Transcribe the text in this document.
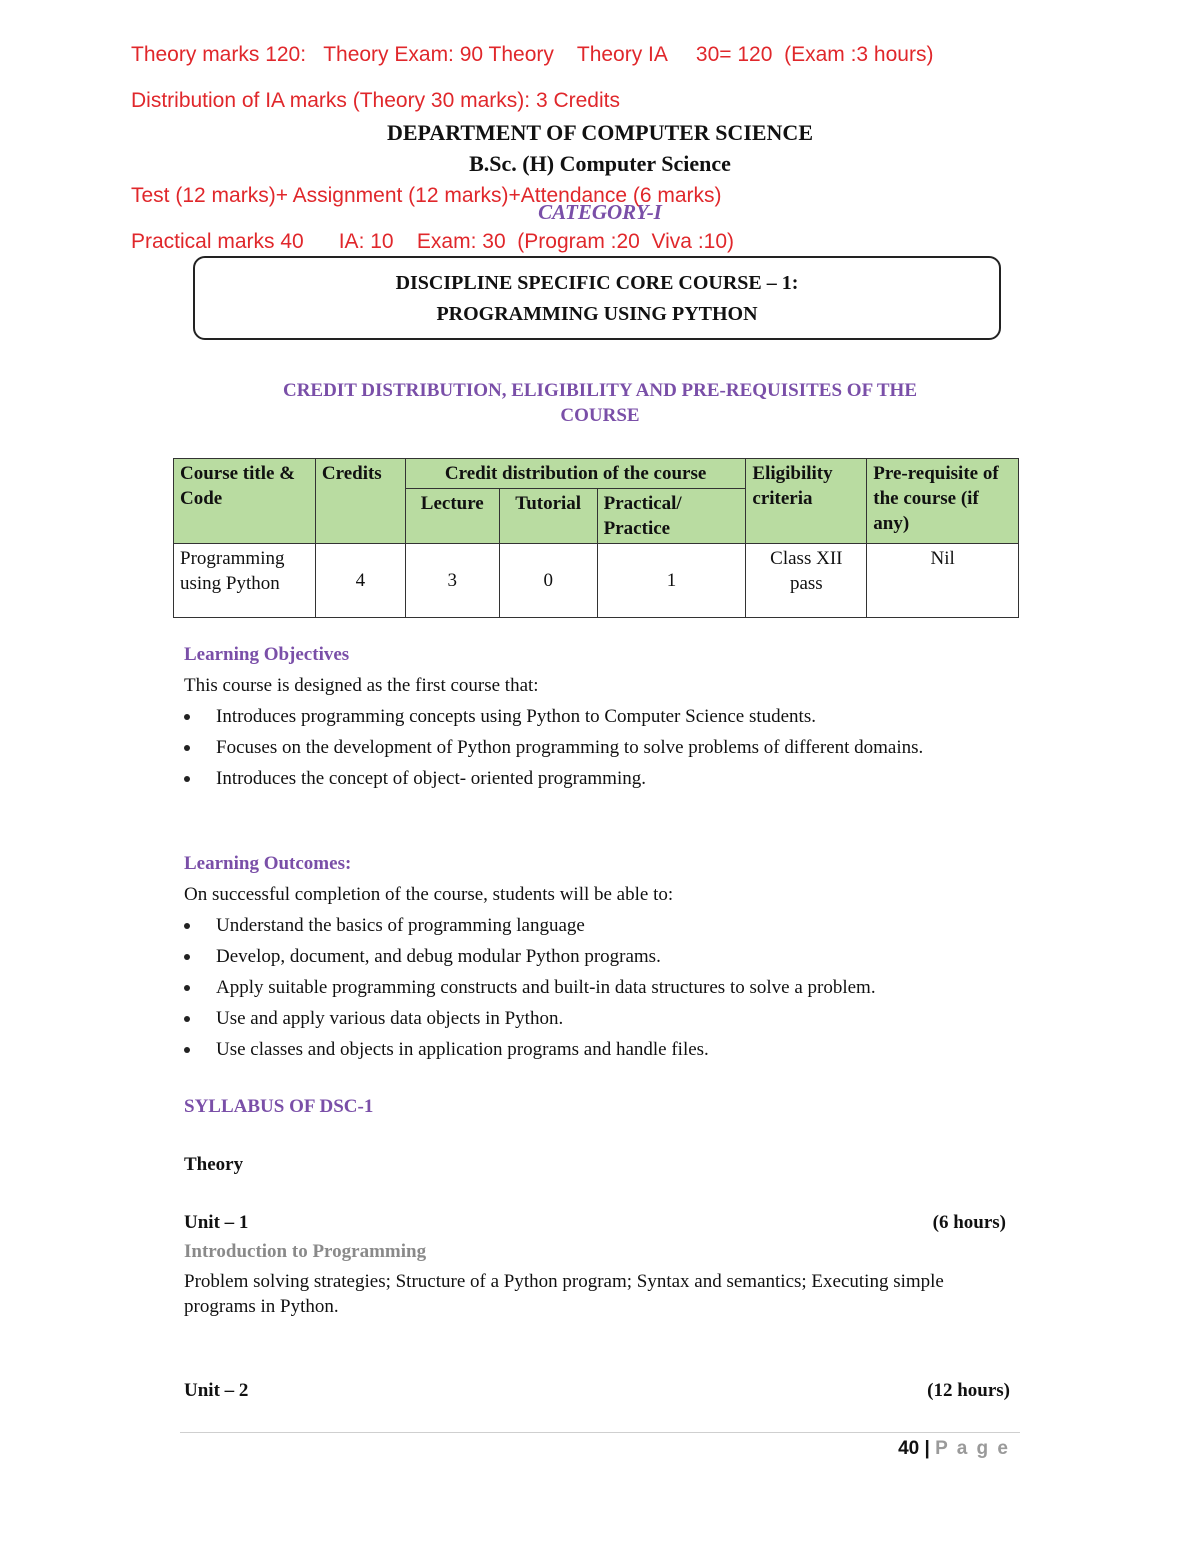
Theory marks 120:   Theory Exam: 90 Theory    Theory IA     30= 120  (Exam :3 hours)
Distribution of IA marks (Theory 30 marks): 3 Credits
DEPARTMENT OF COMPUTER SCIENCE
B.Sc. (H) Computer Science
CATEGORY-I
Test (12 marks)+ Assignment (12 marks)+Attendance (6 marks)
Practical marks 40      IA: 10    Exam: 30  (Program :20  Viva :10)
DISCIPLINE SPECIFIC CORE COURSE – 1:
PROGRAMMING USING PYTHON
CREDIT DISTRIBUTION, ELIGIBILITY AND PRE-REQUISITES OF THE
COURSE
Course title & Code	Credits	Credit distribution of the course			Eligibility criteria	Pre-requisite of the course (if any)
		Lecture	Tutorial	Practical/ Practice		
Programming using Python	4	3	0	1	Class XII pass	Nil
Learning Objectives
This course is designed as the first course that:
Introduces programming concepts using Python to Computer Science students.
Focuses on the development of Python programming to solve problems of different domains.
Introduces the concept of object- oriented programming.
Learning Outcomes:
On successful completion of the course, students will be able to:
Understand the basics of programming language
Develop, document, and debug modular Python programs.
Apply suitable programming constructs and built-in data structures to solve a problem.
Use and apply various data objects in Python.
Use classes and objects in application programs and handle files.
SYLLABUS OF DSC-1
Theory
Unit – 1	(6 hours)
Introduction to Programming
Problem solving strategies; Structure of a Python program; Syntax and semantics; Executing simple programs in Python.
Unit – 2	(12 hours)
40 | P a g e
